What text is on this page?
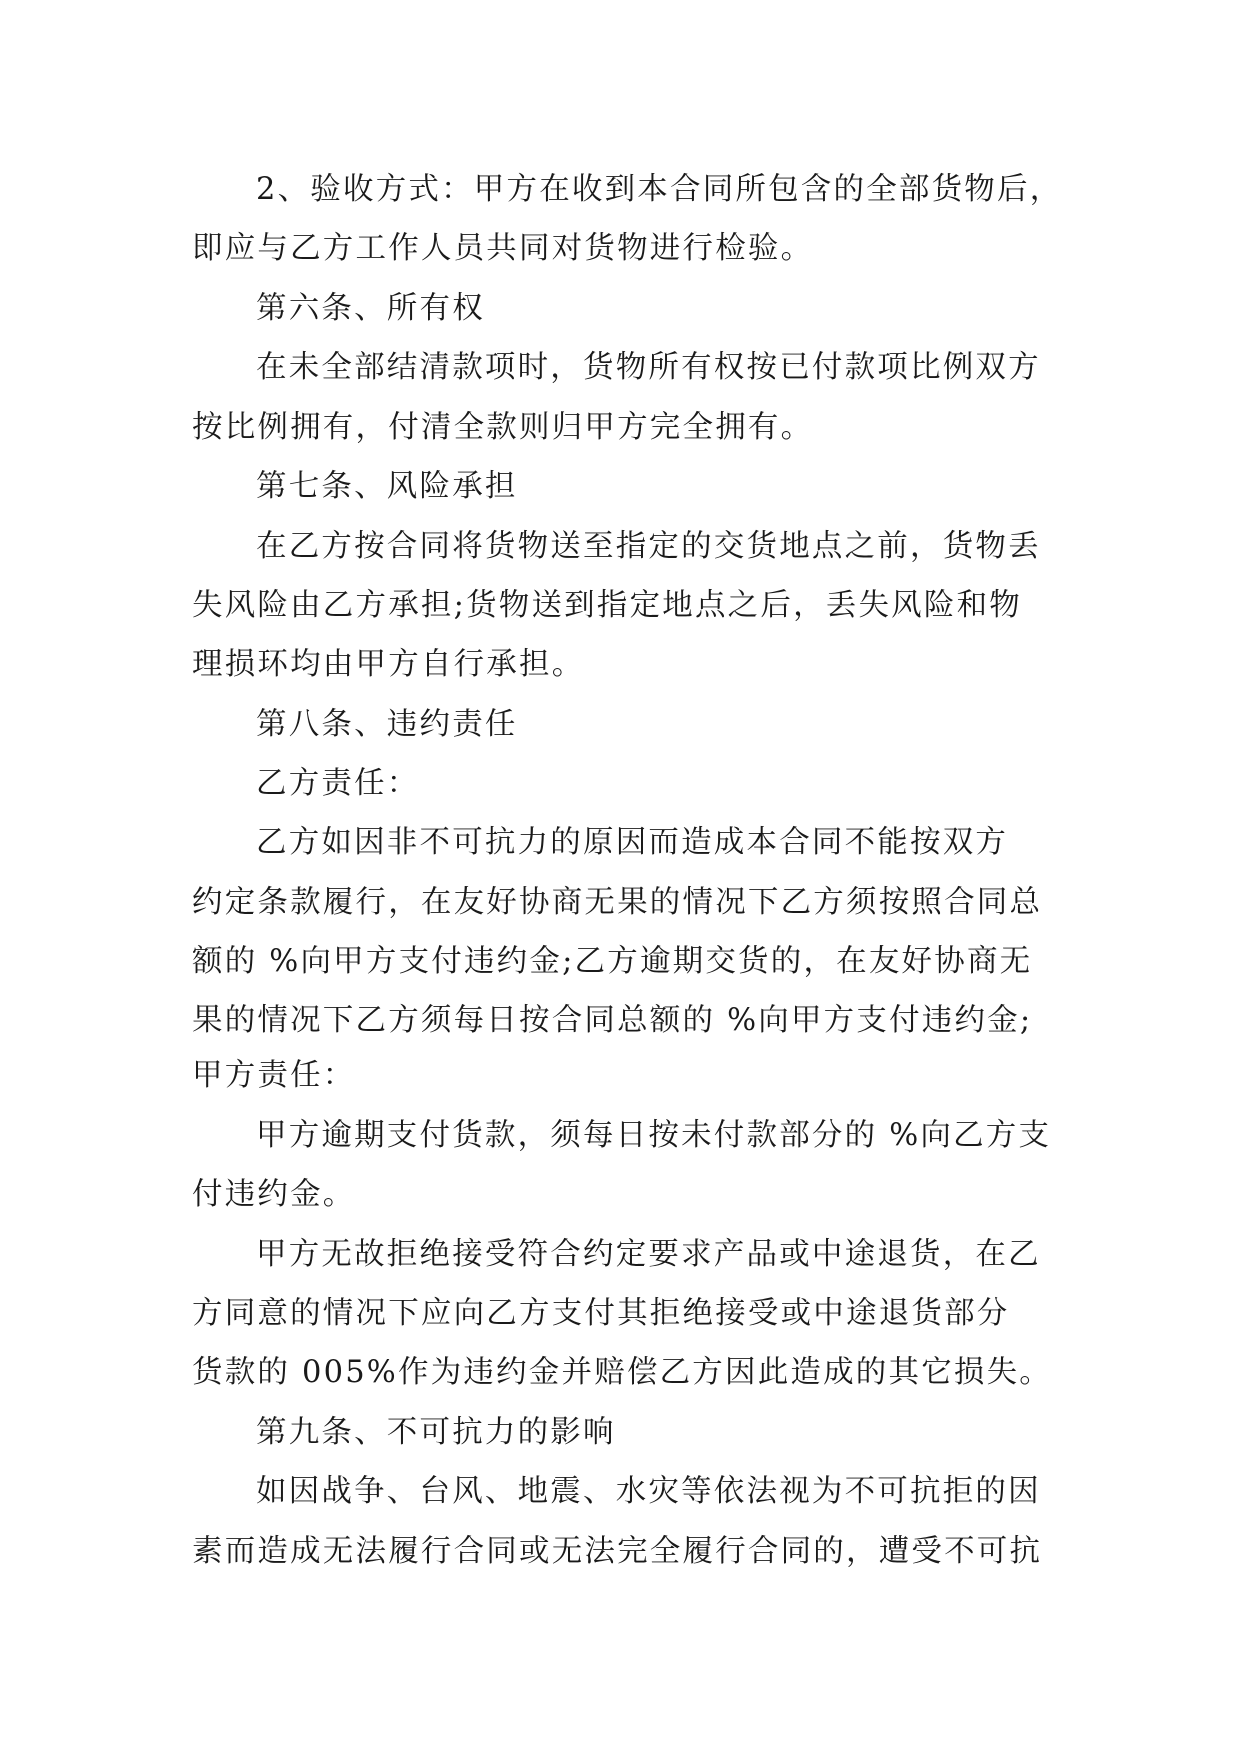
2、验收方式：甲方在收到本合同所包含的全部货物后，
即应与乙方工作人员共同对货物进行检验。
第六条、所有权
在未全部结清款项时，货物所有权按已付款项比例双方
按比例拥有，付清全款则归甲方完全拥有。
第七条、风险承担
在乙方按合同将货物送至指定的交货地点之前，货物丢
失风险由乙方承担;货物送到指定地点之后，丢失风险和物
理损环均由甲方自行承担。
第八条、违约责任
乙方责任：
乙方如因非不可抗力的原因而造成本合同不能按双方
约定条款履行，在友好协商无果的情况下乙方须按照合同总
额的 %向甲方支付违约金;乙方逾期交货的，在友好协商无
果的情况下乙方须每日按合同总额的 %向甲方支付违约金;
甲方责任：
甲方逾期支付货款，须每日按未付款部分的 %向乙方支
付违约金。
甲方无故拒绝接受符合约定要求产品或中途退货，在乙
方同意的情况下应向乙方支付其拒绝接受或中途退货部分
货款的 005%作为违约金并赔偿乙方因此造成的其它损失。
第九条、不可抗力的影响
如因战争、台风、地震、水灾等依法视为不可抗拒的因
素而造成无法履行合同或无法完全履行合同的，遭受不可抗
